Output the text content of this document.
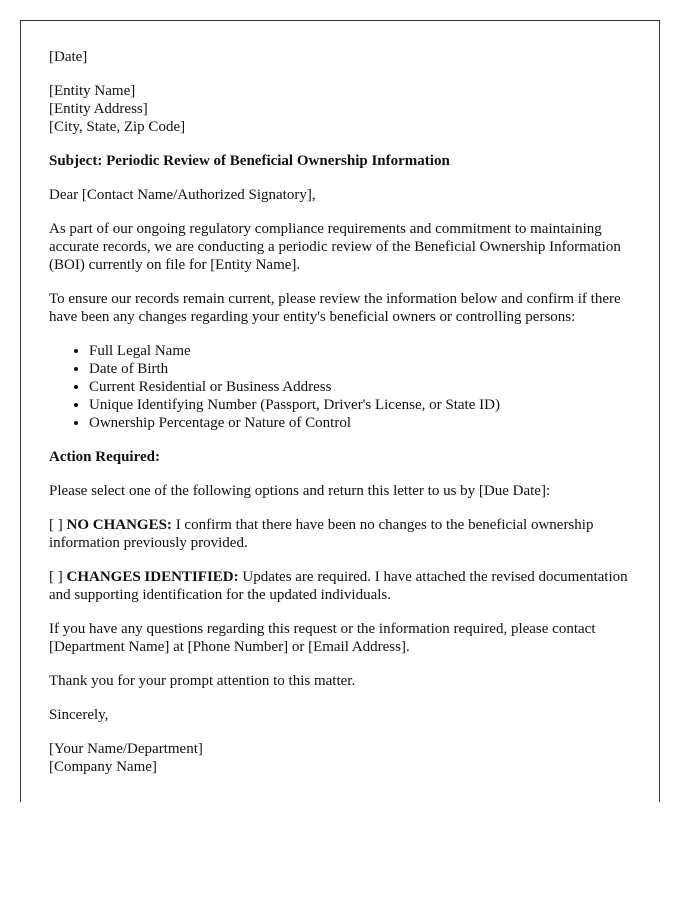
[Date]

[Entity Name]
[Entity Address]
[City, State, Zip Code]

Subject: Periodic Review of Beneficial Ownership Information

Dear [Contact Name/Authorized Signatory],

As part of our ongoing regulatory compliance requirements and commitment to maintaining accurate records, we are conducting a periodic review of the Beneficial Ownership Information (BOI) currently on file for [Entity Name].

To ensure our records remain current, please review the information below and confirm if there have been any changes regarding your entity's beneficial owners or controlling persons:

• Full Legal Name
• Date of Birth
• Current Residential or Business Address
• Unique Identifying Number (Passport, Driver's License, or State ID)
• Ownership Percentage or Nature of Control

Action Required:

Please select one of the following options and return this letter to us by [Due Date]:

[ ] NO CHANGES: I confirm that there have been no changes to the beneficial ownership information previously provided.

[ ] CHANGES IDENTIFIED: Updates are required. I have attached the revised documentation and supporting identification for the updated individuals.

If you have any questions regarding this request or the information required, please contact [Department Name] at [Phone Number] or [Email Address].

Thank you for your prompt attention to this matter.

Sincerely,

[Your Name/Department]
[Company Name]
